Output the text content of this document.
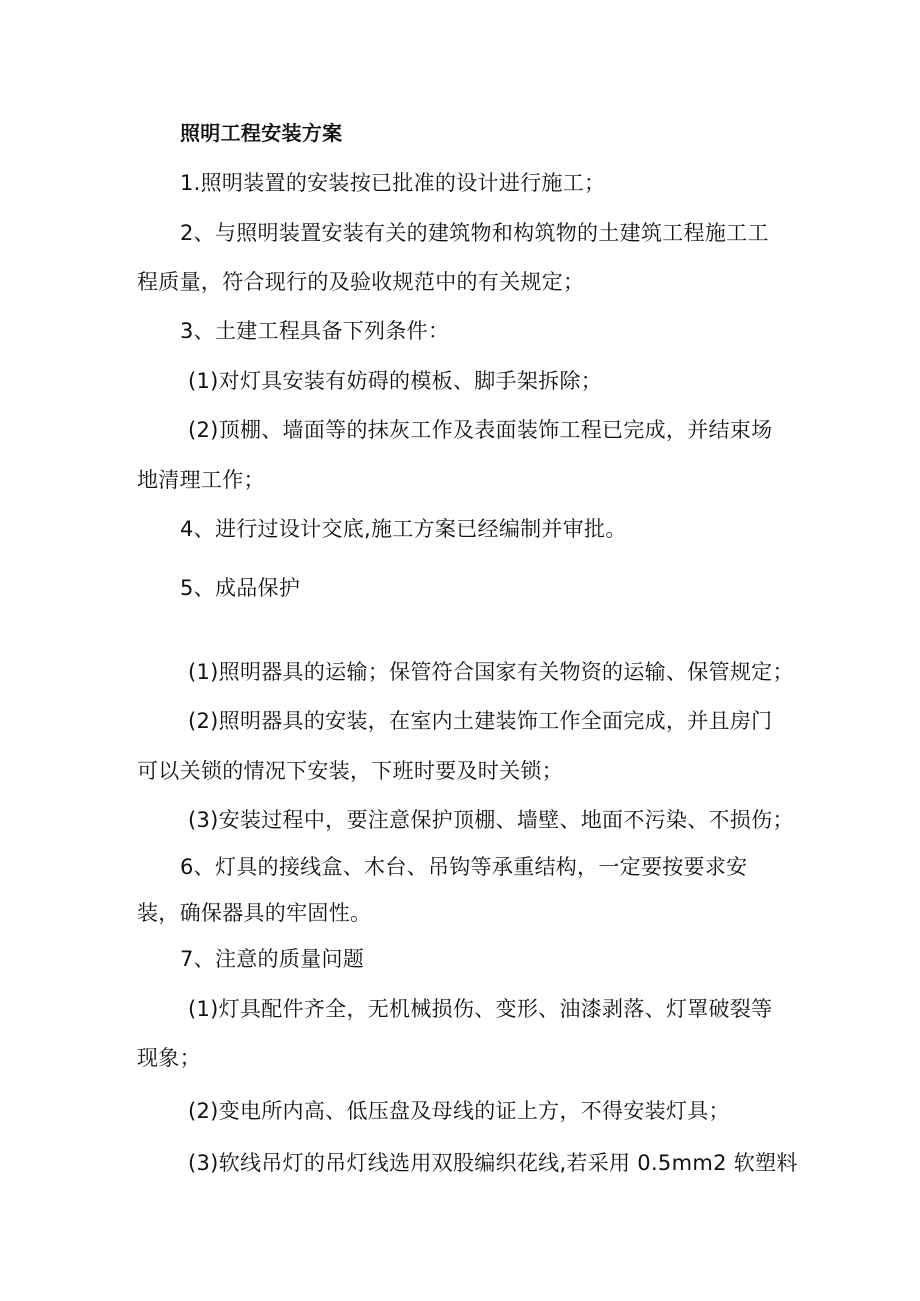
照明工程安装方案
1.照明装置的安装按已批准的设计进行施工；
2、与照明装置安装有关的建筑物和构筑物的土建筑工程施工工
程质量，符合现行的及验收规范中的有关规定；
3、土建工程具备下列条件：
(1)对灯具安装有妨碍的模板、脚手架拆除；
(2)顶棚、墙面等的抹灰工作及表面装饰工程已完成，并结束场
地清理工作；
4、进行过设计交底,施工方案已经编制并审批。
5、成品保护
(1)照明器具的运输；保管符合国家有关物资的运输、保管规定；
(2)照明器具的安装，在室内土建装饰工作全面完成，并且房门
可以关锁的情况下安装，下班时要及时关锁；
(3)安装过程中，要注意保护顶棚、墙壁、地面不污染、不损伤；
6、灯具的接线盒、木台、吊钩等承重结构，一定要按要求安
装，确保器具的牢固性。
7、注意的质量问题
(1)灯具配件齐全，无机械损伤、变形、油漆剥落、灯罩破裂等
现象；
(2)变电所内高、低压盘及母线的证上方，不得安装灯具；
(3)软线吊灯的吊灯线选用双股编织花线,若采用 0.5mm2 软塑料
